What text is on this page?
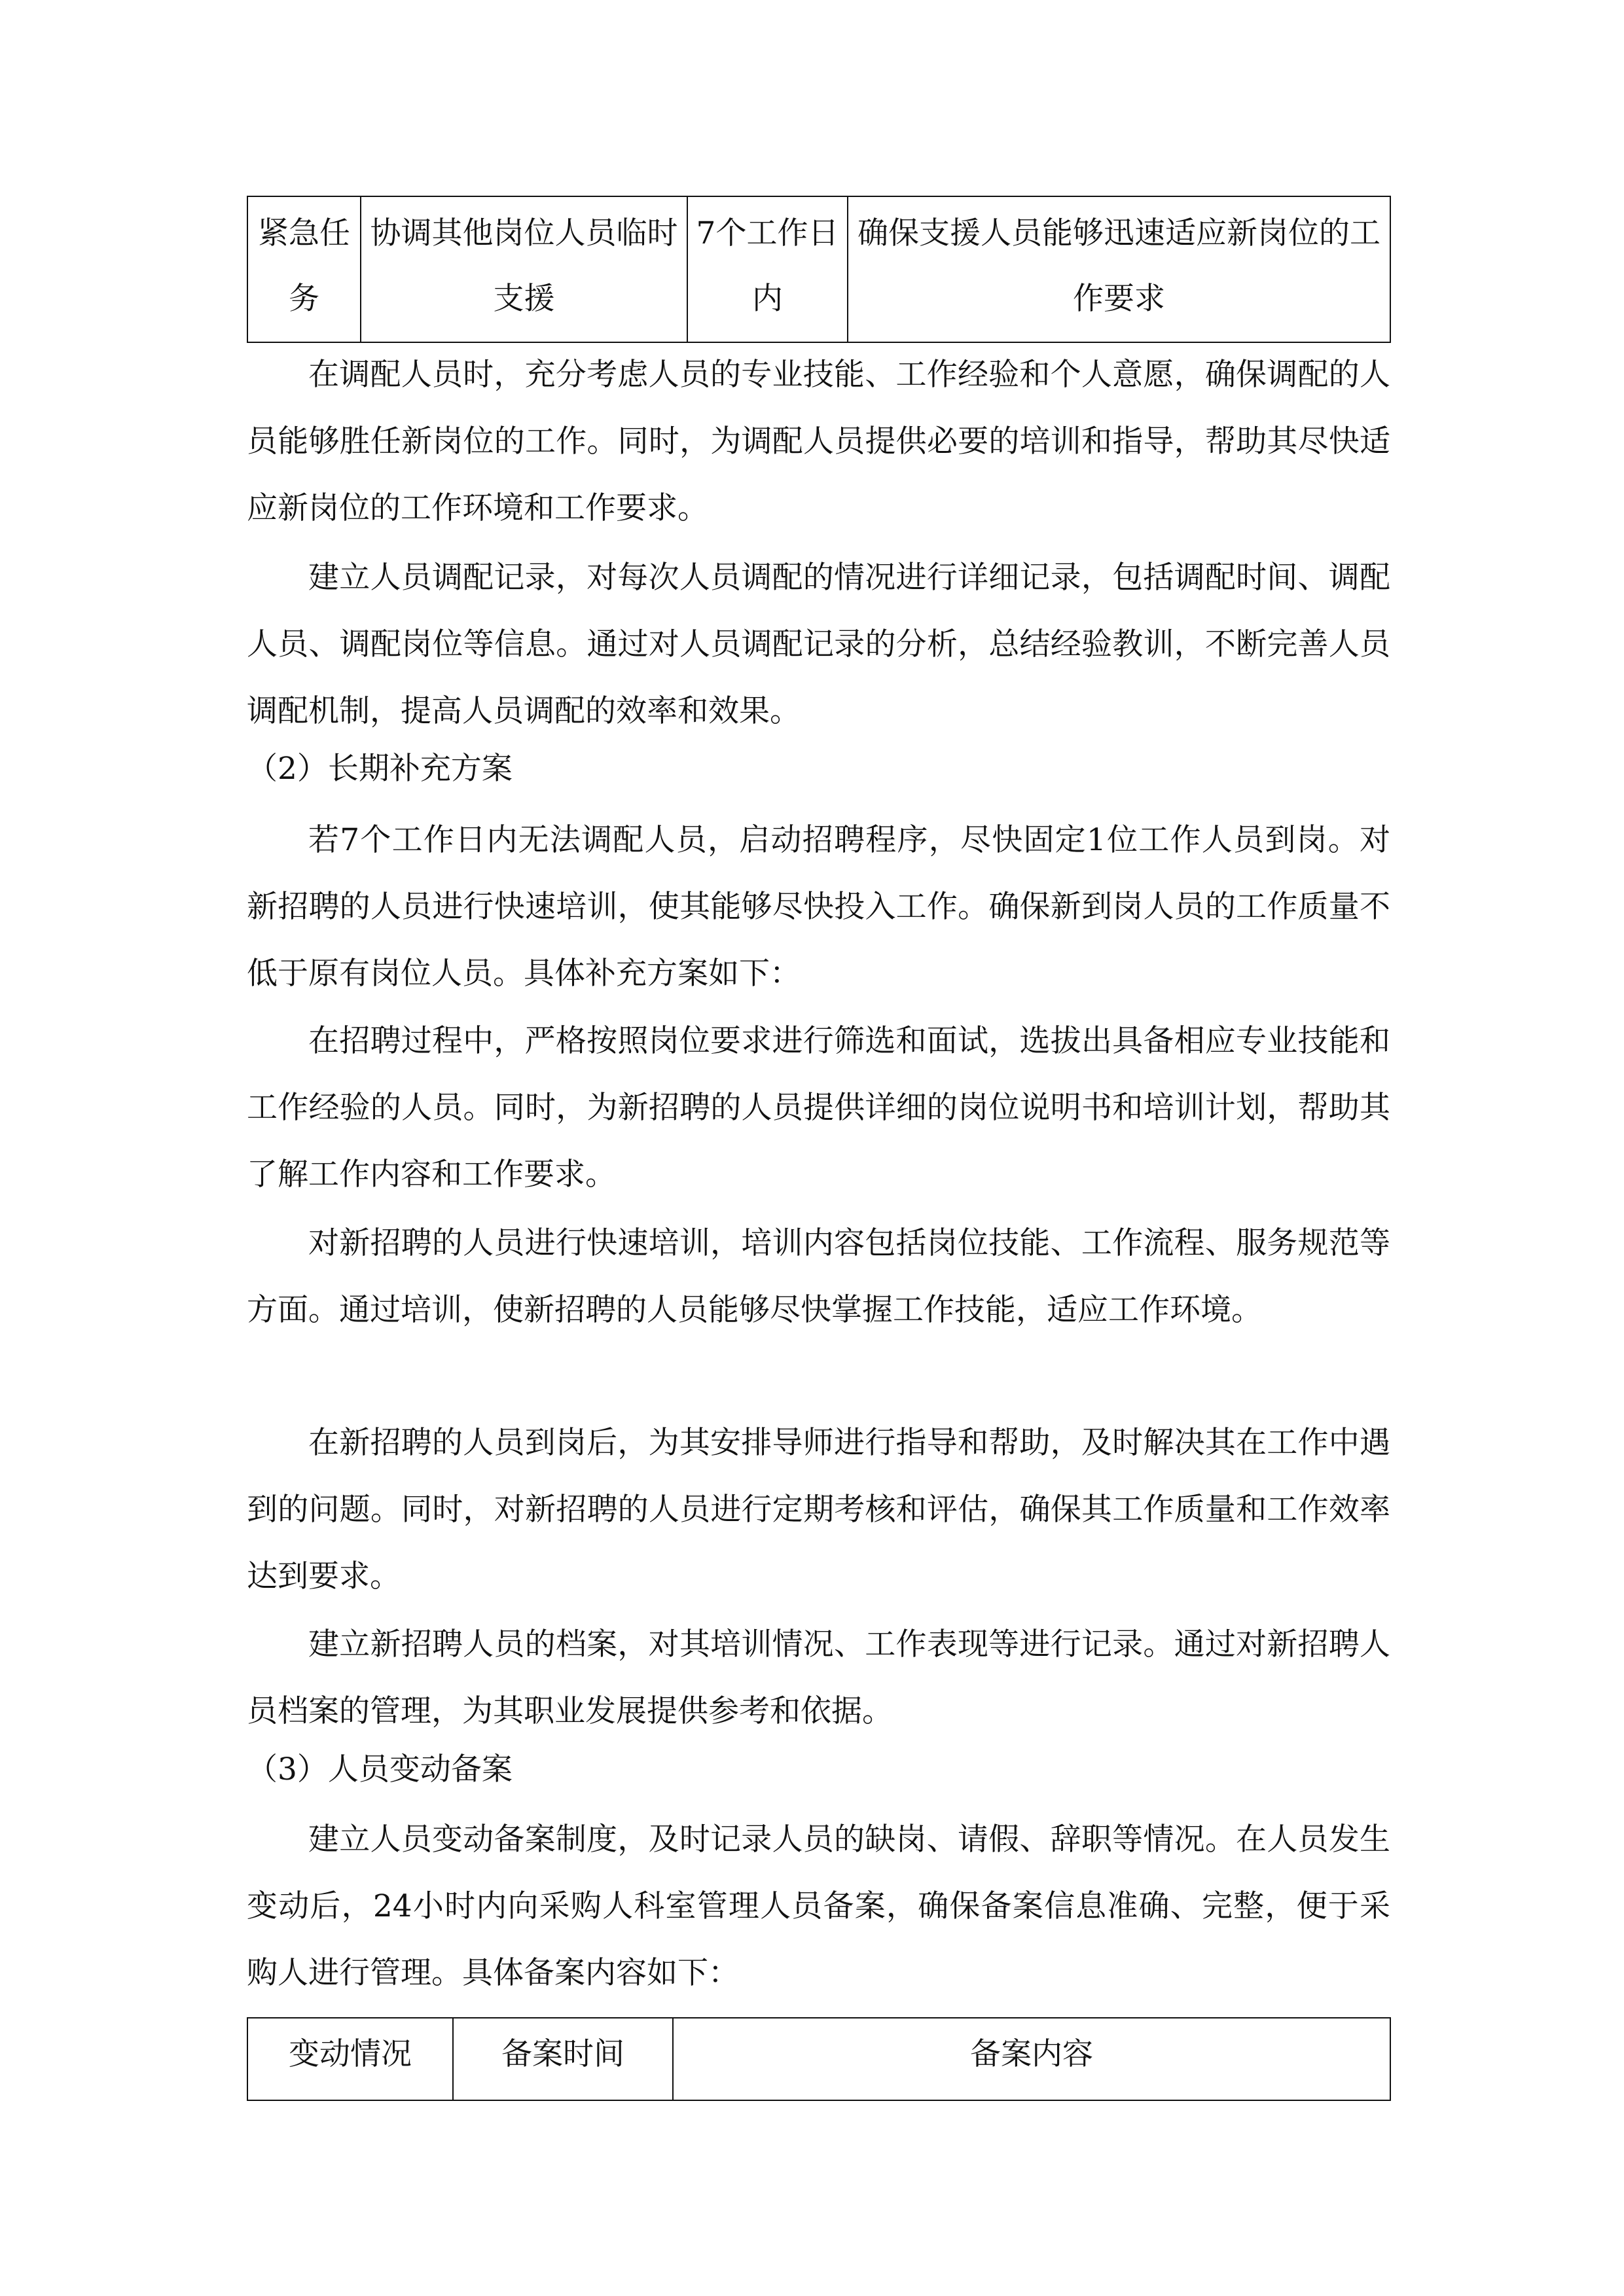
紧急任务	协调其他岗位人员临时支援	7个工作日内	确保支援人员能够迅速适应新岗位的工作要求

在调配人员时，充分考虑人员的专业技能、工作经验和个人意愿，确保调配的人员能够胜任新岗位的工作。同时，为调配人员提供必要的培训和指导，帮助其尽快适应新岗位的工作环境和工作要求。

建立人员调配记录，对每次人员调配的情况进行详细记录，包括调配时间、调配人员、调配岗位等信息。通过对人员调配记录的分析，总结经验教训，不断完善人员调配机制，提高人员调配的效率和效果。

（2）长期补充方案

若7个工作日内无法调配人员，启动招聘程序，尽快固定1位工作人员到岗。对新招聘的人员进行快速培训，使其能够尽快投入工作。确保新到岗人员的工作质量不低于原有岗位人员。具体补充方案如下：

在招聘过程中，严格按照岗位要求进行筛选和面试，选拔出具备相应专业技能和工作经验的人员。同时，为新招聘的人员提供详细的岗位说明书和培训计划，帮助其了解工作内容和工作要求。

对新招聘的人员进行快速培训，培训内容包括岗位技能、工作流程、服务规范等方面。通过培训，使新招聘的人员能够尽快掌握工作技能，适应工作环境。

在新招聘的人员到岗后，为其安排导师进行指导和帮助，及时解决其在工作中遇到的问题。同时，对新招聘的人员进行定期考核和评估，确保其工作质量和工作效率达到要求。

建立新招聘人员的档案，对其培训情况、工作表现等进行记录。通过对新招聘人员档案的管理，为其职业发展提供参考和依据。

（3）人员变动备案

建立人员变动备案制度，及时记录人员的缺岗、请假、辞职等情况。在人员发生变动后，24小时内向采购人科室管理人员备案，确保备案信息准确、完整，便于采购人进行管理。具体备案内容如下：

变动情况	备案时间	备案内容
